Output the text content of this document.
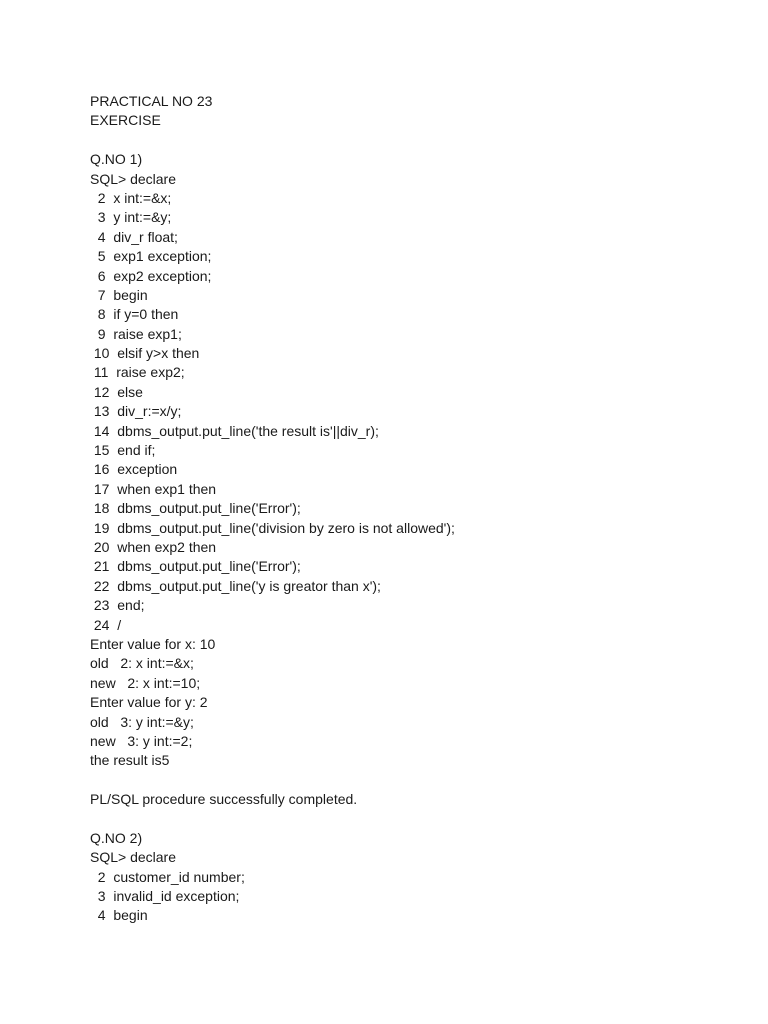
PRACTICAL NO 23
EXERCISE
Q.NO 1)
SQL> declare
2  x int:=&x;
3  y int:=&y;
4  div_r float;
5  exp1 exception;
6  exp2 exception;
7  begin
8  if y=0 then
9  raise exp1;
10  elsif y>x then
11  raise exp2;
12  else
13  div_r:=x/y;
14  dbms_output.put_line('the result is'||div_r);
15  end if;
16  exception
17  when exp1 then
18  dbms_output.put_line('Error');
19  dbms_output.put_line('division by zero is not allowed');
20  when exp2 then
21  dbms_output.put_line('Error');
22  dbms_output.put_line('y is greator than x');
23  end;
24  /
Enter value for x: 10
old   2: x int:=&x;
new   2: x int:=10;
Enter value for y: 2
old   3: y int:=&y;
new   3: y int:=2;
the result is5
PL/SQL procedure successfully completed.
Q.NO 2)
SQL> declare
2  customer_id number;
3  invalid_id exception;
4  begin
